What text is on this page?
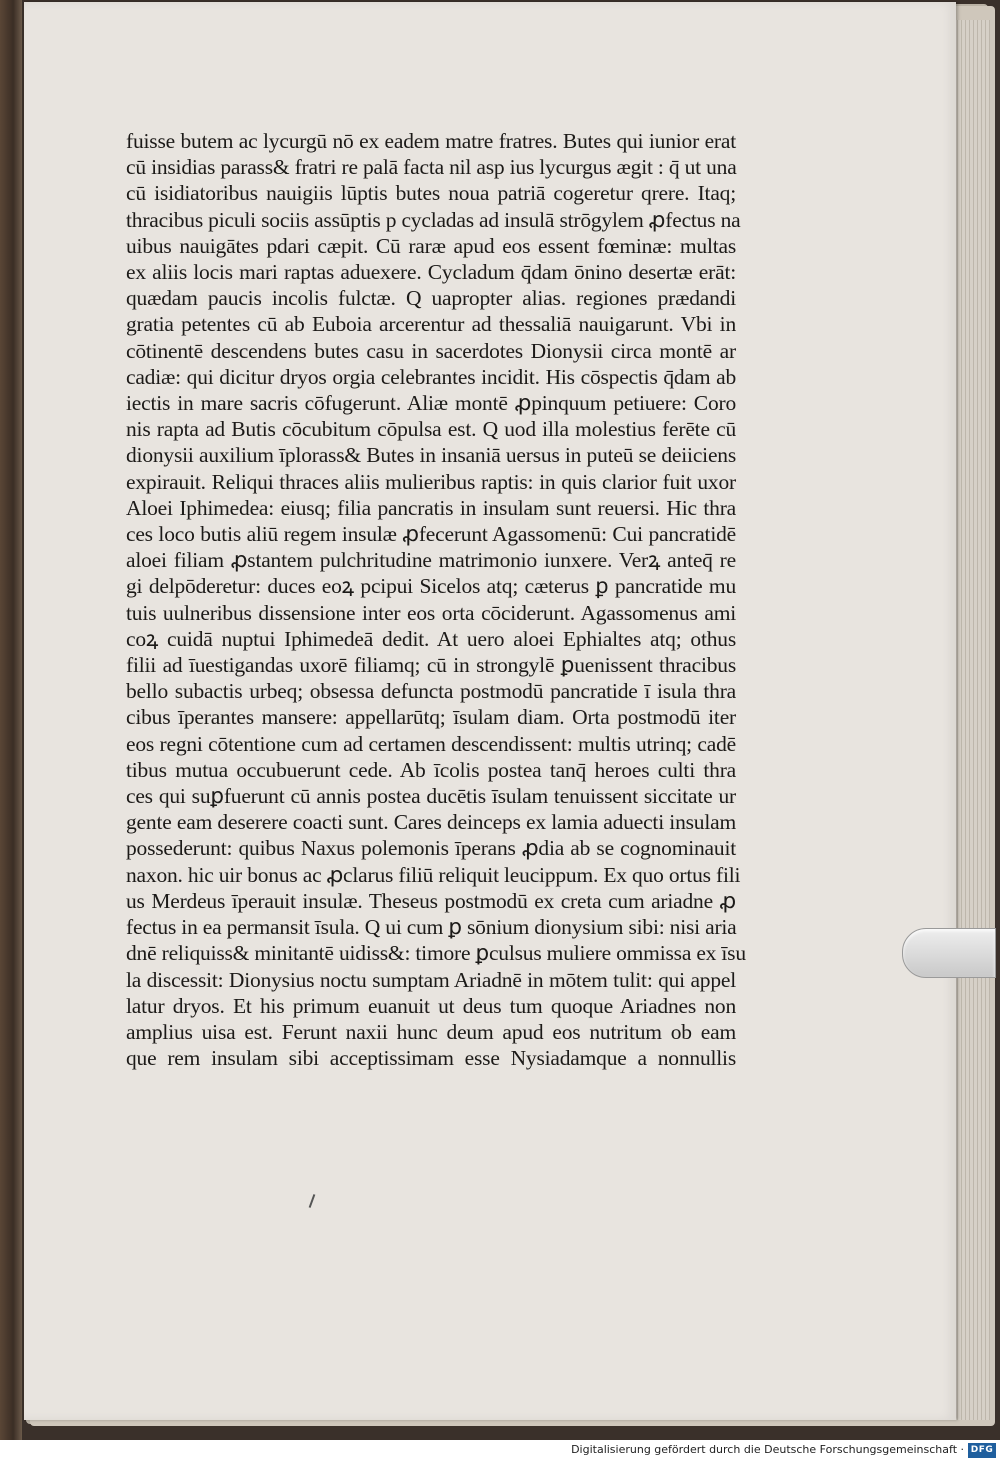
fuisse butem ac lycurgū nō ex eadem matre fratres. Butes qui iunior erat
cū insidias parass& fratri re palā facta nil asp ius lycurgus ægit : q̄ ut una
cū isidiatoribus nauigiis lūptis butes noua patriā cogeretur qrere. Itaq;
thracibus piculi sociis assūptis p cycladas ad insulā strōgylem ꝓfectus na
uibus nauigātes pdari cæpit. Cū raræ apud eos essent fœminæ: multas
ex aliis locis mari raptas aduexere. Cycladum q̄dam ōnino desertæ erāt:
quædam paucis incolis fulctæ. Q uapropter alias. regiones prædandi
gratia petentes cū ab Euboia arcerentur ad thessaliā nauigarunt. Vbi in
cōtinentē descendens butes casu in sacerdotes Dionysii circa montē ar
cadiæ: qui dicitur dryos orgia celebrantes incidit. His cōspectis q̄dam ab
iectis in mare sacris cōfugerunt. Aliæ montē ꝓpinquum petiuere: Coro
nis rapta ad Butis cōcubitum cōpulsa est. Q uod illa molestius ferēte cū
dionysii auxilium īplorass& Butes in insaniā uersus in puteū se deiiciens
expirauit. Reliqui thraces aliis mulieribus raptis: in quis clarior fuit uxor
Aloei Iphimedea: eiusq; filia pancratis in insulam sunt reuersi. Hic thra
ces loco butis aliū regem insulæ ꝓfecerunt Agassomenū: Cui pancratidē
aloei filiam ꝓstantem pulchritudine matrimonio iunxere. Verꝝ anteq̄ re
gi delpōderetur: duces eoꝝ pcipui Sicelos atq; cæterus ꝑ pancratide mu
tuis uulneribus dissensione inter eos orta cōciderunt. Agassomenus ami
coꝝ cuidā nuptui Iphimedeā dedit. At uero aloei Ephialtes atq; othus
filii ad īuestigandas uxorē filiamq; cū in strongylē ꝑuenissent thracibus
bello subactis urbeq; obsessa defuncta postmodū pancratide ī isula thra
cibus īperantes mansere: appellarūtq; īsulam diam. Orta postmodū iter
eos regni cōtentione cum ad certamen descendissent: multis utrinq; cadē
tibus mutua occubuerunt cede. Ab īcolis postea tanq̄ heroes culti thra
ces qui suꝑfuerunt cū annis postea ducētis īsulam tenuissent siccitate ur
gente eam deserere coacti sunt. Cares deinceps ex lamia aduecti insulam
possederunt: quibus Naxus polemonis īperans ꝓdia ab se cognominauit
naxon. hic uir bonus ac ꝓclarus filiū reliquit leucippum. Ex quo ortus fili
us Merdeus īperauit insulæ. Theseus postmodū ex creta cum ariadne ꝓ
fectus in ea permansit īsula. Q ui cum ꝑ sōnium dionysium sibi: nisi aria
dnē reliquiss& minitantē uidiss&: timore ꝑculsus muliere ommissa ex īsu
la discessit: Dionysius noctu sumptam Ariadnē in mōtem tulit: qui appel
latur dryos. Et his primum euanuit ut deus tum quoque Ariadnes non
amplius uisa est. Ferunt naxii hunc deum apud eos nutritum ob eam
que rem insulam sibi acceptissimam esse Nysiadamque a nonnullis
Digitalisierung gefördert durch die Deutsche Forschungsgemeinschaft · DFG
